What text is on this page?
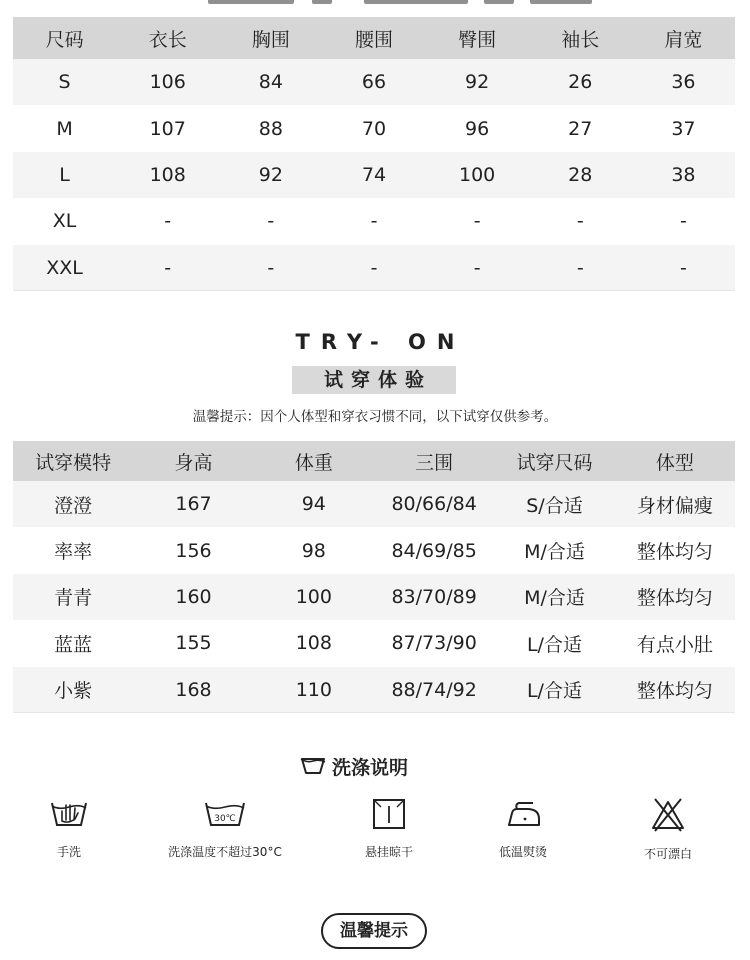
尺码	衣长	胸围	腰围	臀围	袖长	肩宽
S	106	84	66	92	26	36
M	107	88	70	96	27	37
L	108	92	74	100	28	38
XL	-	-	-	-	-	-
XXL	-	-	-	-	-	-
TRY- ON
试穿体验
温馨提示：因个人体型和穿衣习惯不同，以下试穿仅供参考。
试穿模特	身高	体重	三围	试穿尺码	体型
澄澄	167	94	80/66/84	S/合适	身材偏瘦
率率	156	98	84/69/85	M/合适	整体均匀
青青	160	100	83/70/89	M/合适	整体均匀
蓝蓝	155	108	87/73/90	L/合适	有点小肚
小紫	168	110	88/74/92	L/合适	整体均匀
洗涤说明
手洗
30℃
洗涤温度不超过30°C	悬挂晾干	低温熨烫	不可漂白
温馨提示
